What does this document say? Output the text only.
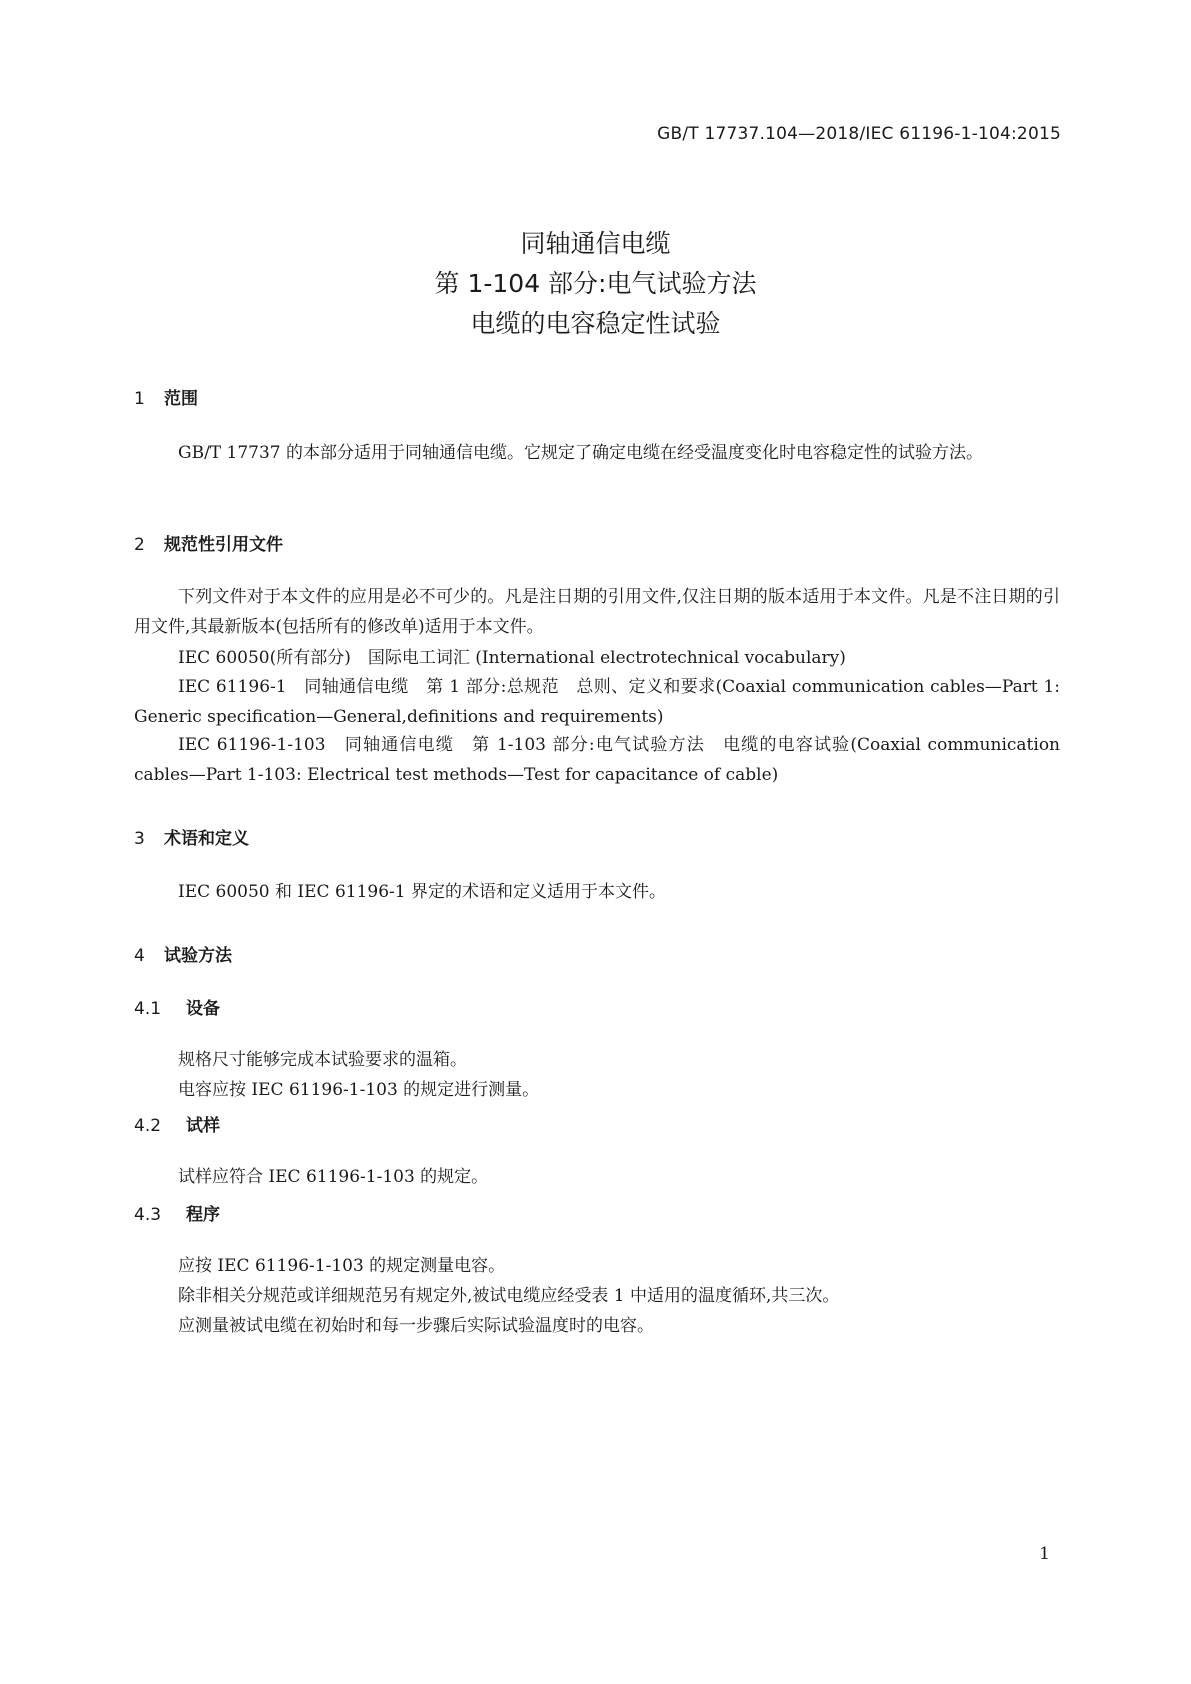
GB/T 17737.104—2018/IEC 61196-1-104:2015

同轴通信电缆

第 1-104 部分:电气试验方法

电缆的电容稳定性试验

1 范围

GB/T 17737 的本部分适用于同轴通信电缆。它规定了确定电缆在经受温度变化时电容稳定性的试验方法。

2 规范性引用文件

下列文件对于本文件的应用是必不可少的。凡是注日期的引用文件,仅注日期的版本适用于本文件。凡是不注日期的引用文件,其最新版本(包括所有的修改单)适用于本文件。

IEC 60050(所有部分)　国际电工词汇 (International electrotechnical vocabulary)

IEC 61196-1　同轴通信电缆　第 1 部分:总规范　总则、定义和要求(Coaxial communication cables—Part 1: Generic specification—General,definitions and requirements)

IEC 61196-1-103　同轴通信电缆　第 1-103 部分:电气试验方法　电缆的电容试验(Coaxial communication cables—Part 1-103: Electrical test methods—Test for capacitance of cable)

3 术语和定义

IEC 60050 和 IEC 61196-1 界定的术语和定义适用于本文件。

4 试验方法
4.1 设备
规格尺寸能够完成本试验要求的温箱。
电容应按 IEC 61196-1-103 的规定进行测量。
4.2 试样
试样应符合 IEC 61196-1-103 的规定。
4.3 程序
应按 IEC 61196-1-103 的规定测量电容。
除非相关分规范或详细规范另有规定外,被试电缆应经受表 1 中适用的温度循环,共三次。
应测量被试电缆在初始时和每一步骤后实际试验温度时的电容。
1
